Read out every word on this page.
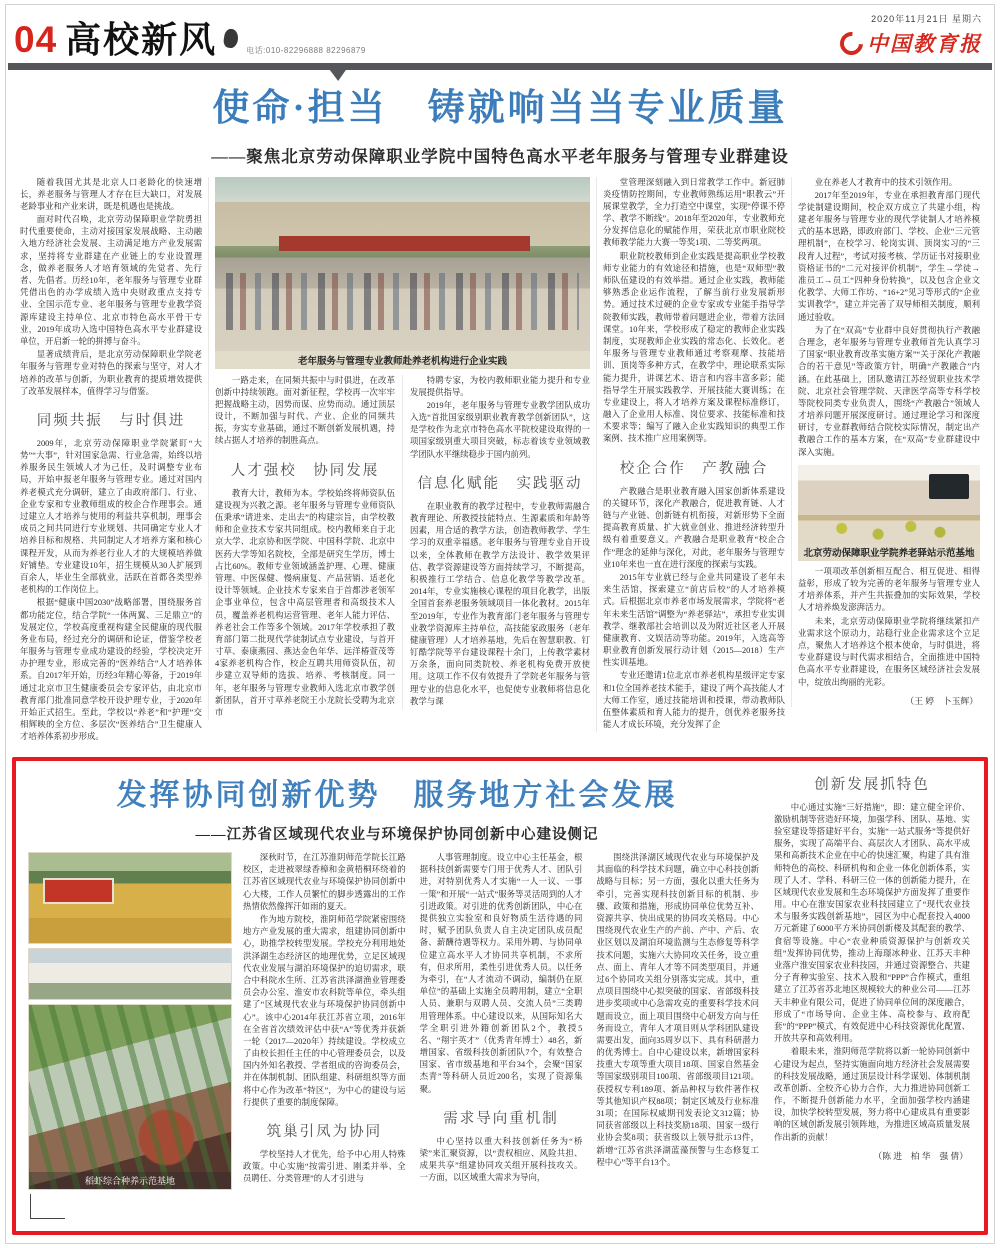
04 高校新风	电话:010-82296888 82296879
2020年11月21日 星期六
中国教育报
使命·担当　铸就响当当专业质量
——聚焦北京劳动保障职业学院中国特色高水平老年服务与管理专业群建设

随着我国尤其是北京人口老龄化的快速增长，养老服务与管理人才存在巨大缺口，对发展老龄事业和产业来讲，既是机遇也是挑战。

面对时代召唤，北京劳动保障职业学院勇担时代重要使命，主动对接国家发展战略、主动融入地方经济社会发展、主动满足地方产业发展需求，坚持将专业群建在产业链上的专业设置理念，做养老服务人才培育领域的先觉者、先行者、先倡者。历经10年，老年服务与管理专业群凭借出色的办学成绩入选中央财政重点支持专业、全国示范专业、老年服务与管理专业教学资源库建设主持单位、北京市特色高水平骨干专业，2019年成功入选中国特色高水平专业群建设单位，开启新一轮的拼搏与奋斗。

显著成绩背后，是北京劳动保障职业学院老年服务与管理专业对特色的探索与坚守，对人才培养的改革与创新，为职业教育的提质增效提供了改革发展样本，值得学习与借鉴。

同频共振　与时俱进

2009年，北京劳动保障职业学院紧盯“大势”“大事”，针对国家急需、行业急需，始终以培养服务民生领域人才为己任，及时调整专业布局，开始申报老年服务与管理专业。通过对国内养老模式充分调研，建立了由政府部门、行业、企业专家和专业教师组成的校企合作理事会。通过建立人才培养与使用的利益共享机制，理事会成员之间共同进行专业规划、共同确定专业人才培养目标和规格、共同制定人才培养方案和核心课程开发，从而为养老行业人才的大规模培养做好铺垫。专业建设10年，招生规模从30人扩展到百余人，毕业生全部就业，活跃在首都各类型养老机构的工作岗位上。

根据“健康中国2030”战略部署，围绕服务首都功能定位，结合学院“一体两翼、三足鼎立”的发展定位，学校高度重视构建全民健康的现代服务业布局，经过充分的调研和论证，借鉴学校老年服务与管理专业成功建设的经验，学校决定开办护理专业，形成完善的“医养结合”人才培养体系。自2017年开始，历经3年精心筹备，于2019年通过北京市卫生健康委员会专家评估，由北京市教育部门批准同意学校开设护理专业，于2020年开始正式招生。至此，学校以“养老”和“护理”交相辉映的全方位、多层次“医养结合”卫生健康人才培养体系初步形成。

老年服务与管理专业教师赴养老机构进行企业实践

一路走来，在同频共振中与时俱进，在改革创新中持续领跑。面对新征程，学校再一次牢牢把握战略主动，因势而谋、应势而动。通过顶层设计，不断加强与时代、产业、企业的同频共振，夯实专业基础，通过不断创新发展机遇，持续占据人才培养的制胜高点。

人才强校　协同发展

教育大计，教师为本。学校始终将师资队伍建设视为兴教之源。老年服务与管理专业师资队伍秉承“请进来、走出去”的构建宗旨，由学校教师和企业技术专家共同组成。校内教师来自于北京大学、北京协和医学院、中国科学院、北京中医药大学等知名院校，全部是研究生学历，博士占比60%。教师专业领域涵盖护理、心理、健康管理、中医保健、慢病康复、产品营销、适老化设计等领域。企业技术专家来自于首都涉老领军企事业单位，包含中高层管理者和高级技术人员，覆盖养老机构运营管理、老年人能力评估、养老社会工作等多个领域。2017年学校承担了教育部门第二批现代学徒制试点专业建设，与首开寸草、泰康燕园、燕达金色年华、远洋椿萱茂等4家养老机构合作，校企互聘共用师资队伍，初步建立双导师的选拔、培养、考核制度。同一年，老年服务与管理专业教师入选北京市教学创新团队，首开寸草养老院王小龙院长受聘为北京市

特聘专家，为校内教师职业能力提升和专业发展提供指导。

2019年，老年服务与管理专业教学团队成功入选“首批国家级别职业教育教学创新团队”，这是学校作为北京市特色高水平院校建设取得的一项国家级别重大项目突破，标志着该专业领域教学团队水平继续稳步于国内前列。

信息化赋能　实践驱动

在职业教育的教学过程中，专业教师需融合教育理论、所教授技能特点、生源素质和年龄等因素，用合适的教学方法，创造教师教学、学生学习的双重幸福感。老年服务与管理专业自开设以来，全体教师在教学方法设计、教学效果评估、教学资源建设等方面持续学习，不断提高，积极推行工学结合、信息化教学等教学改革。2014年，专业实施核心课程的项目化教学，出版全国首套养老服务领域项目一体化教材。2015年至2019年，专业作为教育部门老年服务与管理专业教学资源库主持单位，高技能家政服务（老年健康管理）人才培养基地，先后在智慧职教、钉钉酷学院等平台建设课程十余门，上传教学素材万余条，面向同类院校、养老机构免费开放使用。这项工作不仅有效提升了学院老年服务与管理专业的信息化水平，也促使专业教师将信息化教学与课

堂管理深刻融入到日常教学工作中。新冠肺炎疫情防控期间，专业教师熟练运用“职教云”开展课堂教学，全力打造空中课堂，实现“停课不停学、教学不断线”。2018年至2020年，专业教师充分发挥信息化的赋能作用，荣获北京市职业院校教师教学能力大赛一等奖1项、二等奖两项。

职业院校教师到企业实践是提高职业学校教师专业能力的有效途径和措施，也是“双师型”教师队伍建设的有效举措。通过企业实践，教师能够熟悉企业运作流程，了解当前行业发展新形势。通过技术过硬的企业专家或专业能手指导学院教师实践，教师带着问题进企业，带着方法回课堂。10年来，学校形成了稳定的教师企业实践制度，实现教师企业实践的常态化、长效化。老年服务与管理专业教师通过考察观摩、技能培训、顶岗等多种方式，在教学中，理论联系实际能力提升，讲课艺术、语言和内容丰富多彩；能指导学生开展实践教学、开展技能大赛训练；在专业建设上，将人才培养方案及课程标准修订，融入了企业用人标准、岗位要求、技能标准和技术要求等；编写了融入企业实践知识的典型工作案例、技术推广应用案例等。

校企合作　产教融合

产教融合是职业教育融入国家创新体系建设的关键环节，深化产教融合，促进教育链、人才链与产业链、创新链有机衔接，对新形势下全面提高教育质量、扩大就业创业、推进经济转型升级有着重要意义。产教融合是职业教育“校企合作”理念的延伸与深化，对此，老年服务与管理专业10年来也一直在进行深度的探索与实践。

2015年专业就已经与企业共同建设了老年未来生活馆，探索建立“前店后校”的人才培养模式。后根据北京市养老市场发展需求，学院将“老年未来生活馆”调整为“养老驿站”，承担专业实训教学、继教部社会培训以及为附近社区老人开展健康教育、文娱活动等功能。2019年，入选高等职业教育创新发展行动计划（2015—2018）生产性实训基地。

专业还邀请1位北京市养老机构星级评定专家和1位全国养老技术能手，建设了两个高技能人才大师工作室，通过技能培训和授课，带动教师队伍整体素质和育人能力的提升，创优养老服务技能人才成长环境，充分发挥了企

业在养老人才教育中的技术引领作用。

2017年至2019年，专业在承担教育部门现代学徒制建设期间，校企双方成立了共建小组，构建老年服务与管理专业的现代学徒制人才培养模式的基本思路，即政府部门、学校、企业“三元管理机制”，在校学习、轮岗实训、顶岗实习的“三段育人过程”，考试对接考核、学历证书对接职业资格证书的“二元对接评价机制”，学生→学徒→准员工→员工“四种身份转换”，以及包含企业文化教学、大师工作坊、“16+2”见习等形式的“企业实训教学”，建立并完善了双导师相关制度，顺利通过验收。

为了在“双高”专业群中良好贯彻执行产教融合理念，老年服务与管理专业教师首先认真学习了国家“职业教育改革实施方案”“关于深化产教融合的若干意见”等政策方针，明确“产教融合”内涵。在此基础上，团队邀请江苏经贸职业技术学院、北京社会管理学院、天津医学高等专科学校等院校同类专业负责人，围绕“产教融合”领域人才培养问题开展深度研讨。通过理论学习和深度研讨，专业群教师结合院校实际情况，制定出产教融合工作的基本方案，在“双高”专业群建设中深入实施。

北京劳动保障职业学院养老驿站示范基地

一项项改革创新相互配合、相互促进、相得益彰，形成了较为完善的老年服务与管理专业人才培养体系，并产生共振叠加的实际效果，学校人才培养焕发澎湃活力。

未来，北京劳动保障职业学院将继续紧扣产业需求这个原动力，站稳行业企业需求这个立足点，聚焦人才培养这个根本使命，与时俱进，将专业群建设与时代需求相结合，全面推进中国特色高水平专业群建设，在服务区域经济社会发展中，绽放出绚丽的光彩。

（王 婷　卜玉辉）

发挥协同创新优势　服务地方社会发展
——江苏省区域现代农业与环境保护协同创新中心建设侧记
稻虾综合种养示范基地

深秋时节，在江苏淮阴师范学院长江路校区，走进被翠绿香樟和金黄梧桐环绕着的江苏省区域现代农业与环境保护协同创新中心大楼，工作人员繁忙的脚步透露出的工作热情依然像挥汗如雨的夏天。

作为地方院校，淮阴师范学院紧密围绕地方产业发展的重大需求，组建协同创新中心，助推学校转型发展。学校充分利用地处洪泽湖生态经济区的地理优势，立足区域现代农业发展与湖泊环境保护的迫切需求，联合中科院水生所、江苏省洪泽湖渔业管理委员会办公室、淮安市农科院等单位，牵头组建了“区域现代农业与环境保护协同创新中心”。该中心2014年获江苏省立项，2016年在全省首次绩效评估中获“A”等优秀并获新一轮（2017—2020年）持续建设。学校成立了由校长担任主任的中心管理委员会，以及国内外知名教授、学者组成的咨询委员会，并在体制机制、团队组建、科研组织等方面将中心作为改革“特区”，为中心的建设与运行提供了重要的制度保障。

筑巢引凤为协同

学校坚持人才优先，给予中心用人特殊政策。中心实施“按需引进、刚柔并举、全员聘任、分类管理”的人才引进与

人事管理制度。设立中心主任基金，根据科技创新需要专门用于优秀人才、团队引进，对特别优秀人才实施“一人一议、一事一策”和开展“一站式”服务等灵活周到的人才引进政策。对引进的优秀创新团队，中心在提供独立实验室和良好物质生活待遇的同时，赋予团队负责人自主决定团队成员配备、薪酬待遇等权力。采用外聘、与协同单位建立高水平人才协同共享机制，不求所有，但求所用，柔性引进优秀人员。以任务为牵引，在“人才流动不调动，编制仍在原单位”的基础上实施全员聘用制，建立“全职人员、兼职与双聘人员、交流人员”三类聘用管理体系。中心建设以来，从国际知名大学全职引进外籍创新团队2个，教授5名、“翔宇英才”（优秀青年博士）48名，新增国家、省级科技创新团队7个，有效整合国家、省市级基地和平台34个，会聚“国家杰青”等科研人员近200名，实现了资源集聚。

需求导向重机制

中心坚持以重大科技创新任务为“桥梁”来汇聚资源，以“责权相应、风险共担、成果共享”组建协同攻关组开展科技攻关。一方面，以区域重大需求为导向，

围绕洪泽湖区域现代农业与环境保护及其面临的科学技术问题，确立中心科技创新战略与目标；另一方面，强化以重大任务为牵引，完善实现科技创新目标的机制、步骤、政策和措施，形成协同单位优势互补、资源共享、快出成果的协同攻关格局。中心围绕现代农业生产的产前、产中、产后、农业区划以及湖泊环境监测与生态修复等科学技术问题，实施六大协同攻关任务，设立重点、面上、青年人才等不同类型项目，并通过6个协同攻关组分别落实完成。其中，重点项目围绕中心拟突破的国家、省部级科技进步奖项或中心急需攻克的重要科学技术问题而设立，面上项目围绕中心研发方向与任务而设立，青年人才项目则从学科团队建设需要出发，面向35周岁以下、具有科研潜力的优秀博士。自中心建设以来，新增国家科技重大专项等重大项目18项、国家自然基金等国家级别项目100项、省部级项目121项。获授权专利189项、新品种权与软件著作权等其他知识产权88项；制定区域及行业标准31项；在国际权威期刊发表论文312篇；协同获省部级以上科技奖励18项、国家一级行业协会奖8项；获省级以上领导批示13件，新增“江苏省洪泽湖蓝藻预警与生态修复工程中心”等平台13个。

创新发展抓特色

中心通过实施“三好措施”，即：建立健全评价、激励机制等营造好环境，加强学科、团队、基地、实验室建设等搭建好平台，实施“一站式服务”等提供好服务，实现了高端平台、高层次人才团队、高水平成果和高新技术企业在中心的快速汇聚，构建了具有淮师特色的高校、科研机构和企业一体化创新体系，实现了人才、学科、科研三位一体的创新能力提升，在区域现代农业发展和生态环境保护方面发挥了重要作用。中心在淮安国家农业科技园建立了“现代农业技术与服务实践创新基地”，园区为中心配套投入4000万元新建了6000平方米协同创新楼及其配套的教学、食宿等设施。中心“农业种质资源保护与创新攻关组”发挥协同优势，推动上海璟冰种业、江苏天丰种业落户淮安国家农业科技园，并通过资源整合、共建分子育种实验室、技术入股和“PPP”合作模式，重组建立了江苏省苏北地区规模较大的种业公司——江苏天丰种业有限公司，促进了协同单位间的深度融合，形成了“市场导向、企业主体、高校参与、政府配套”的“PPP”模式，有效促进中心科技资源优化配置、开放共享和高效利用。

着眼未来，淮阴师范学院将以新一轮协同创新中心建设为起点，坚持实施面向地方经济社会发展需要的科技发展战略，通过顶层设计科学谋划、体制机制改革创新、全校齐心协力合作，大力推进协同创新工作，不断提升创新能力水平，全面加强学校内涵建设，加快学校转型发展，努力将中心建成具有重要影响的区域创新发展引领阵地，为推进区域高质量发展作出新的贡献！

（陈 进　柏 华　强 倩）
